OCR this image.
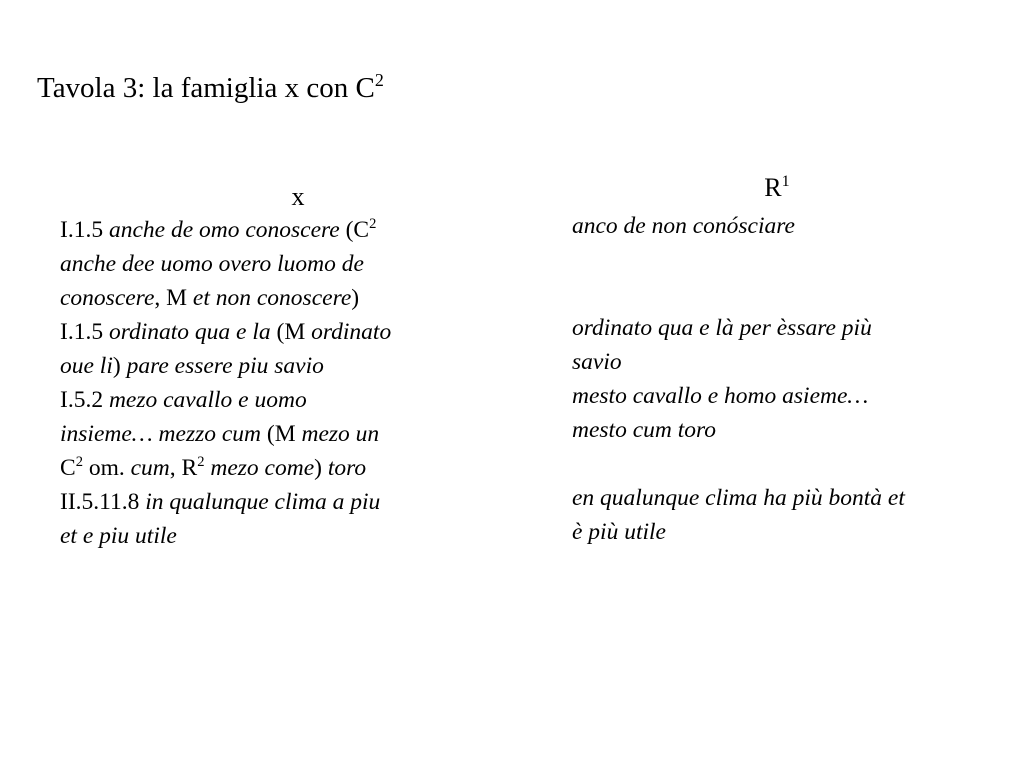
Tavola 3: la famiglia x con $C^2$
x	$R^1$
I.1.5 anche de omo conoscere ($C^2$
anche dee uomo overo luomo de
conoscere, M et non conoscere)
I.1.5 ordinato qua e la (M ordinato
oue li) pare essere piu savio
I.5.2 mezo cavallo e uomo
insieme… mezzo cum (M mezo un
$C^2$ om. cum, $R^2$ mezo come) toro
II.5.11.8 in qualunque clima a piu
et e piu utile
anco de non conósciare
ordinato qua e là per èssare più
savio
mesto cavallo e homo asieme…
mesto cum toro
en qualunque clima ha più bontà et
è più utile
